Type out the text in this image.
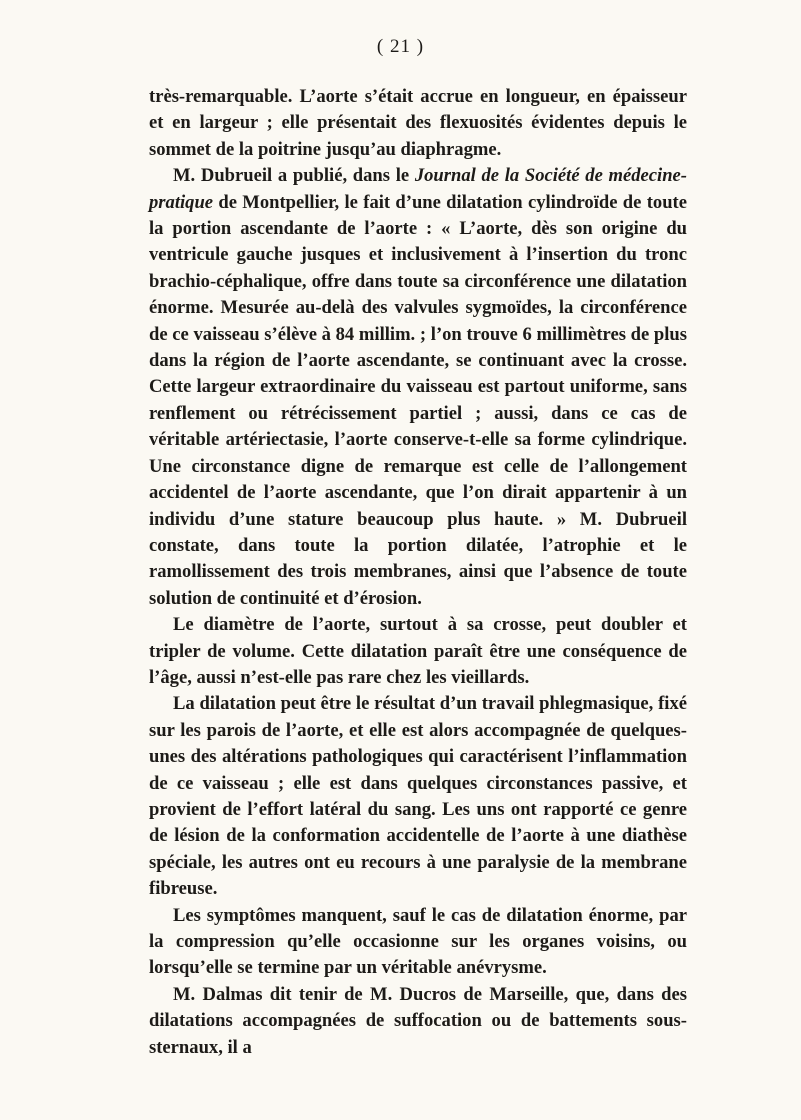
( 21 )

très-remarquable. L’aorte s’était accrue en longueur, en épaisseur et en largeur ; elle présentait des flexuosités évidentes depuis le sommet de la poitrine jusqu’au diaphragme.

M. Dubrueil a publié, dans le Journal de la Société de médecine-pratique de Montpellier, le fait d’une dilatation cylindroïde de toute la portion ascendante de l’aorte : « L’aorte, dès son origine du ventricule gauche jusques et inclusivement à l’insertion du tronc brachio-céphalique, offre dans toute sa circonférence une dilatation énorme. Mesurée au-delà des valvules sygmoïdes, la circonférence de ce vaisseau s’élève à 84 millim. ; l’on trouve 6 millimètres de plus dans la région de l’aorte ascendante, se continuant avec la crosse. Cette largeur extraordinaire du vaisseau est partout uniforme, sans renflement ou rétrécissement partiel ; aussi, dans ce cas de véritable artériectasie, l’aorte conserve-t-elle sa forme cylindrique. Une circonstance digne de remarque est celle de l’allongement accidentel de l’aorte ascendante, que l’on dirait appartenir à un individu d’une stature beaucoup plus haute. » M. Dubrueil constate, dans toute la portion dilatée, l’atrophie et le ramollissement des trois membranes, ainsi que l’absence de toute solution de continuité et d’érosion.

Le diamètre de l’aorte, surtout à sa crosse, peut doubler et tripler de volume. Cette dilatation paraît être une conséquence de l’âge, aussi n’est-elle pas rare chez les vieillards.

La dilatation peut être le résultat d’un travail phlegmasique, fixé sur les parois de l’aorte, et elle est alors accompagnée de quelques-unes des altérations pathologiques qui caractérisent l’inflammation de ce vaisseau ; elle est dans quelques circonstances passive, et provient de l’effort latéral du sang. Les uns ont rapporté ce genre de lésion de la conformation accidentelle de l’aorte à une diathèse spéciale, les autres ont eu recours à une paralysie de la membrane fibreuse.

Les symptômes manquent, sauf le cas de dilatation énorme, par la compression qu’elle occasionne sur les organes voisins, ou lorsqu’elle se termine par un véritable anévrysme.

M. Dalmas dit tenir de M. Ducros de Marseille, que, dans des dilatations accompagnées de suffocation ou de battements sous-sternaux, il a
